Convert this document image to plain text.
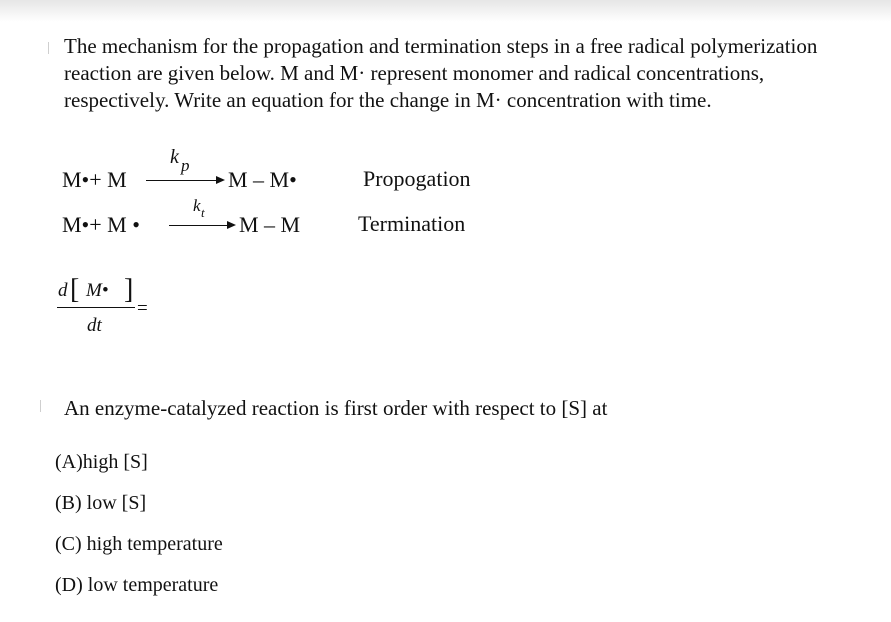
The mechanism for the propagation and termination steps in a free radical polymerization reaction are given below. M and M· represent monomer and radical concentrations, respectively. Write an equation for the change in M· concentration with time.

M•+ M
k p
M – M•	Propogation
M•+ M •
k t M – M	Termination
d [ M• ]
dt
=
An enzyme-catalyzed reaction is first order with respect to [S] at
(A)high [S]
(B) low [S]
(C) high temperature
(D) low temperature
